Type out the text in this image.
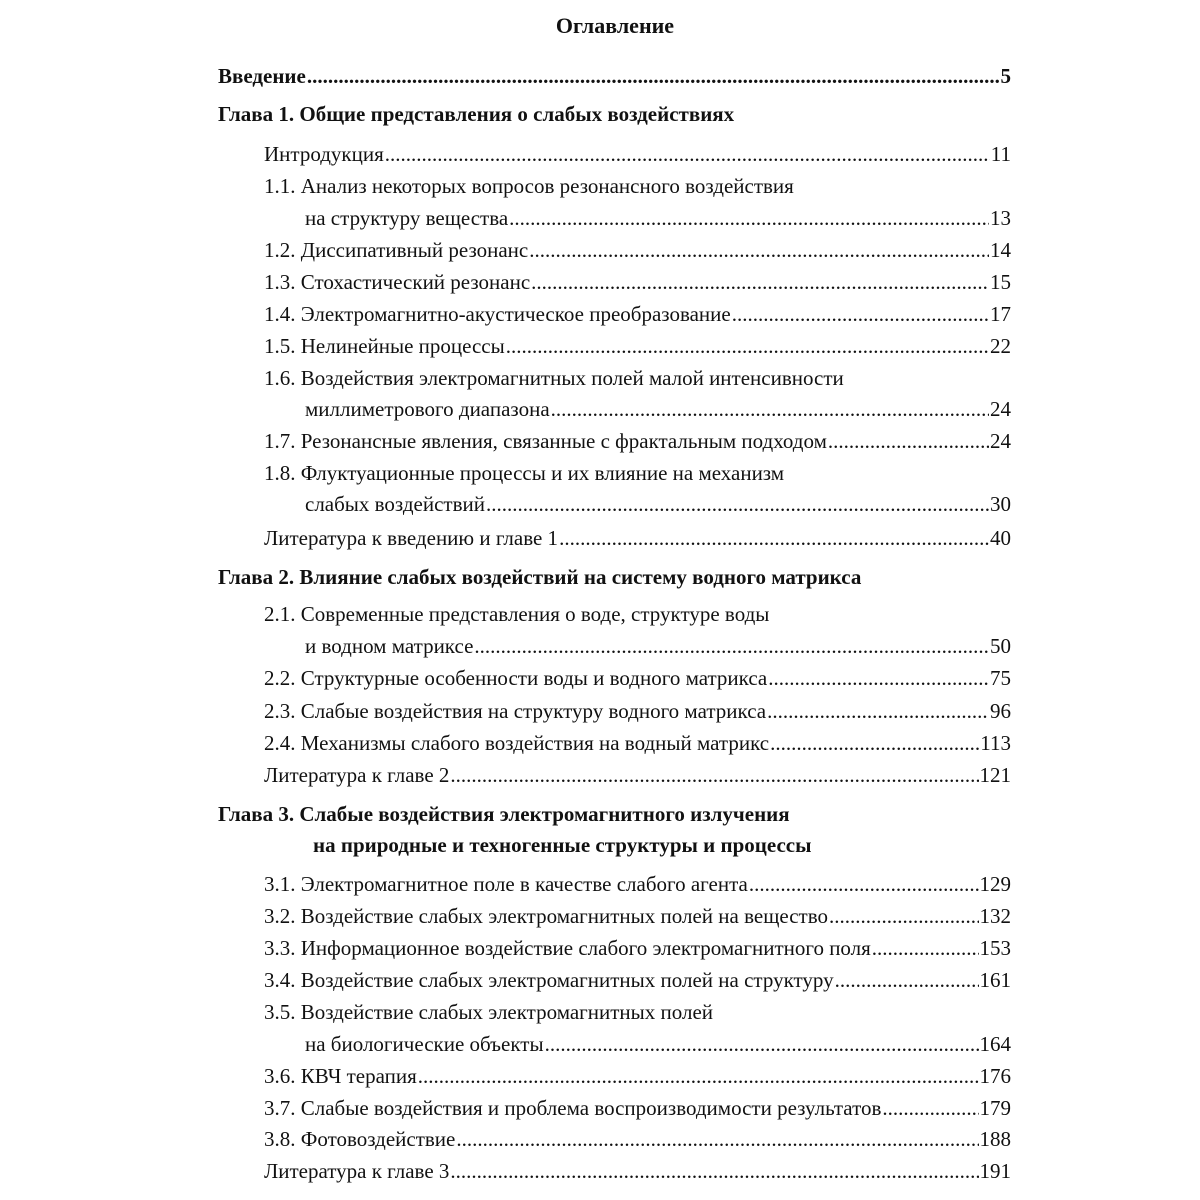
Оглавление
Введение .....	5
Глава 1. Общие представления о слабых воздействиях
Интродукция .....	11
1.1. Анализ некоторых вопросов резонансного воздействия
на структуру вещества .....	13
1.2. Диссипативный резонанс .....	14
1.3. Стохастический резонанс .....	15
1.4. Электромагнитно-акустическое преобразование .....	17
1.5. Нелинейные процессы .....	22
1.6. Воздействия электромагнитных полей малой интенсивности
миллиметрового диапазона .....	24
1.7. Резонансные явления, связанные с фрактальным подходом .....	24
1.8. Флуктуационные процессы и их влияние на механизм
слабых воздействий .....	30
Литература к введению и главе 1 .....	40
Глава 2. Влияние слабых воздействий на систему водного матрикса
2.1. Современные представления о воде, структуре воды
и водном матриксе .....	50
2.2. Структурные особенности воды и водного матрикса .....	75
2.3. Слабые воздействия на структуру водного матрикса .....	96
2.4. Механизмы слабого воздействия на водный матрикс .....	113
Литература к главе 2 .....	121
Глава 3. Слабые воздействия электромагнитного излучения
на природные и техногенные структуры и процессы
3.1. Электромагнитное поле в качестве слабого агента .....	129
3.2. Воздействие слабых электромагнитных полей на вещество .....	132
3.3. Информационное воздействие слабого электромагнитного поля .....	153
3.4. Воздействие слабых электромагнитных полей на структуру .....	161
3.5. Воздействие слабых электромагнитных полей
на биологические объекты .....	164
3.6. КВЧ терапия .....	176
3.7. Слабые воздействия и проблема воспроизводимости результатов .....	179
3.8. Фотовоздействие .....	188
Литература к главе 3 .....	191
